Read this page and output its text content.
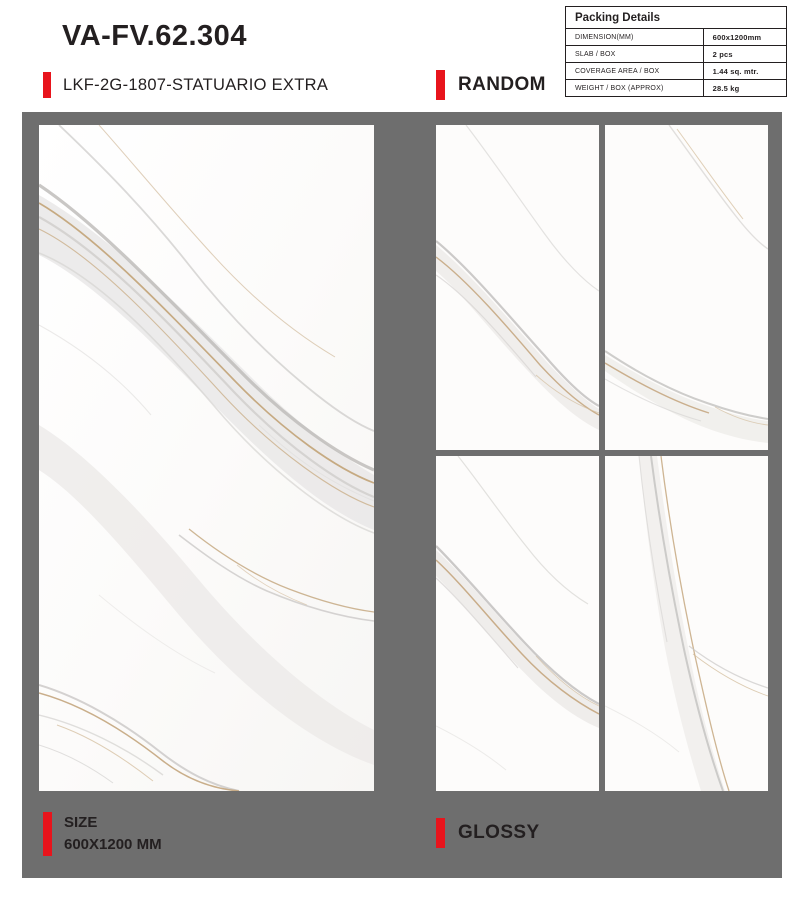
VA-FV.62.304
LKF-2G-1807-STATUARIO EXTRA	RANDOM
Packing Details
DIMENSION(MM)	600x1200mm
SLAB / BOX	2 pcs
COVERAGE AREA / BOX	1.44 sq. mtr.
WEIGHT / BOX (APPROX)	28.5 kg
SIZE
600X1200 MM
GLOSSY
